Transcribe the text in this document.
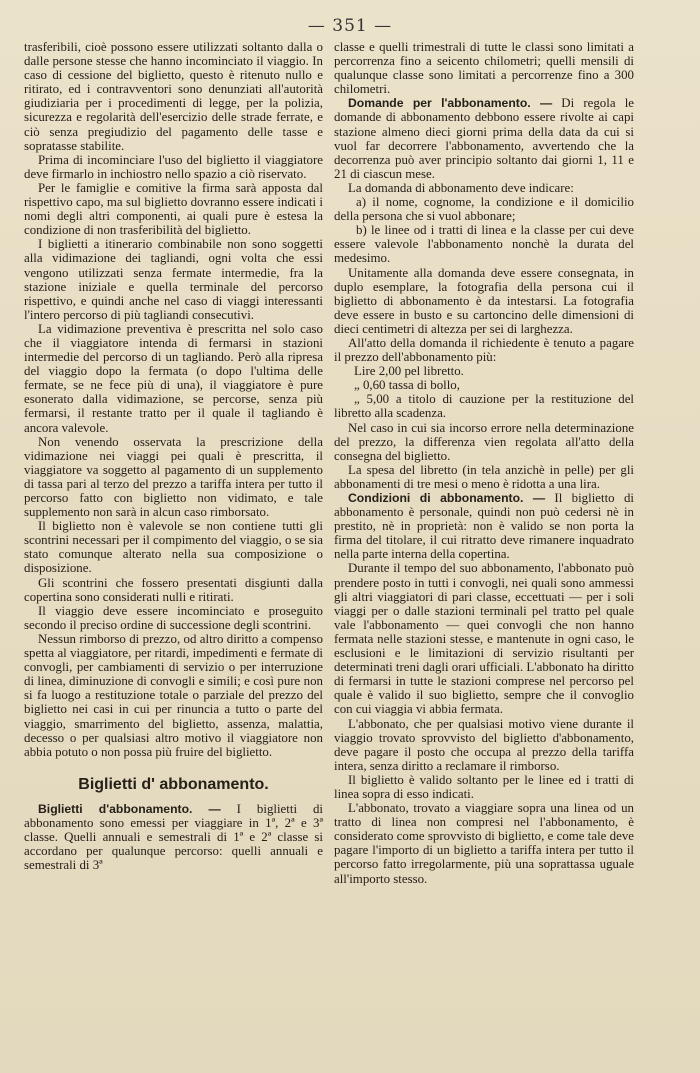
— 351 —

trasferibili, cioè possono essere utilizzati soltanto dalla o dalle persone stesse che hanno incominciato il viaggio. In caso di cessione del biglietto, questo è ritenuto nullo e ritirato, ed i contravventori sono denunziati all'autorità giudiziaria per i procedimenti di legge, per la polizia, sicurezza e regolarità dell'esercizio delle strade ferrate, e ciò senza pregiudizio del pagamento delle tasse e sopratasse stabilite.

Prima di incominciare l'uso del biglietto il viaggiatore deve firmarlo in inchiostro nello spazio a ciò riservato.

Per le famiglie e comitive la firma sarà apposta dal rispettivo capo, ma sul biglietto dovranno essere indicati i nomi degli altri componenti, ai quali pure è estesa la condizione di non trasferibilità del biglietto.

I biglietti a itinerario combinabile non sono soggetti alla vidimazione dei tagliandi, ogni volta che essi vengono utilizzati senza fermate intermedie, fra la stazione iniziale e quella terminale del percorso rispettivo, e quindi anche nel caso di viaggi interessanti l'intero percorso di più tagliandi consecutivi.

La vidimazione preventiva è prescritta nel solo caso che il viaggiatore intenda di fermarsi in stazioni intermedie del percorso di un tagliando. Però alla ripresa del viaggio dopo la fermata (o dopo l'ultima delle fermate, se ne fece più di una), il viaggiatore è pure esonerato dalla vidimazione, se percorse, senza più fermarsi, il restante tratto per il quale il tagliando è ancora valevole.

Non venendo osservata la prescrizione della vidimazione nei viaggi pei quali è prescritta, il viaggiatore va soggetto al pagamento di un supplemento di tassa pari al terzo del prezzo a tariffa intera per tutto il percorso fatto con biglietto non vidimato, e tale supplemento non sarà in alcun caso rimborsato.

Il biglietto non è valevole se non contiene tutti gli scontrini necessari per il compimento del viaggio, o se sia stato comunque alterato nella sua composizione o disposizione.

Gli scontrini che fossero presentati disgiunti dalla copertina sono considerati nulli e ritirati.

Il viaggio deve essere incominciato e proseguito secondo il preciso ordine di successione degli scontrini.

Nessun rimborso di prezzo, od altro diritto a compenso spetta al viaggiatore, per ritardi, impedimenti e fermate di convogli, per cambiamenti di servizio o per interruzione di linea, diminuzione di convogli e simili; e così pure non si fa luogo a restituzione totale o parziale del prezzo del biglietto nei casi in cui per rinuncia a tutto o parte del viaggio, smarrimento del biglietto, assenza, malattia, decesso o per qualsiasi altro motivo il viaggiatore non abbia potuto o non possa più fruire del biglietto.

Biglietti d' abbonamento.

Biglietti d'abbonamento. — I biglietti di abbonamento sono emessi per viaggiare in 1ª, 2ª e 3ª classe. Quelli annuali e semestrali di 1ª e 2ª classe si accordano per qualunque percorso: quelli annuali e semestrali di 3ª

classe e quelli trimestrali di tutte le classi sono limitati a percorrenza fino a seicento chilometri; quelli mensili di qualunque classe sono limitati a percorrenze fino a 300 chilometri.

Domande per l'abbonamento. — Di regola le domande di abbonamento debbono essere rivolte ai capi stazione almeno dieci giorni prima della data da cui si vuol far decorrere l'abbonamento, avvertendo che la decorrenza può aver principio soltanto dai giorni 1, 11 e 21 di ciascun mese.

La domanda di abbonamento deve indicare:

a) il nome, cognome, la condizione e il domicilio della persona che si vuol abbonare;

b) le linee od i tratti di linea e la classe per cui deve essere valevole l'abbonamento nonchè la durata del medesimo.

Unitamente alla domanda deve essere consegnata, in duplo esemplare, la fotografia della persona cui il biglietto di abbonamento è da intestarsi. La fotografia deve essere in busto e su cartoncino delle dimensioni di dieci centimetri di altezza per sei di larghezza.

All'atto della domanda il richiedente è tenuto a pagare il prezzo dell'abbonamento più:

Lire 2,00 pel libretto.

„ 0,60 tassa di bollo,

„ 5,00 a titolo di cauzione per la restituzione del libretto alla scadenza.

Nel caso in cui sia incorso errore nella determinazione del prezzo, la differenza vien regolata all'atto della consegna del biglietto.

La spesa del libretto (in tela anzichè in pelle) per gli abbonamenti di tre mesi o meno è ridotta a una lira.

Condizioni di abbonamento. — Il biglietto di abbonamento è personale, quindi non può cedersi nè in prestito, nè in proprietà: non è valido se non porta la firma del titolare, il cui ritratto deve rimanere inquadrato nella parte interna della copertina.

Durante il tempo del suo abbonamento, l'abbonato può prendere posto in tutti i convogli, nei quali sono ammessi gli altri viaggiatori di pari classe, eccettuati — per i soli viaggi per o dalle stazioni terminali pel tratto pel quale vale l'abbonamento — quei convogli che non hanno fermata nelle stazioni stesse, e mantenute in ogni caso, le esclusioni e le limitazioni di servizio risultanti per determinati treni dagli orari ufficiali. L'abbonato ha diritto di fermarsi in tutte le stazioni comprese nel percorso pel quale è valido il suo biglietto, sempre che il convoglio con cui viaggia vi abbia fermata.

L'abbonato, che per qualsiasi motivo viene durante il viaggio trovato sprovvisto del biglietto d'abbonamento, deve pagare il posto che occupa al prezzo della tariffa intera, senza diritto a reclamare il rimborso.

Il biglietto è valido soltanto per le linee ed i tratti di linea sopra di esso indicati.

L'abbonato, trovato a viaggiare sopra una linea od un tratto di linea non compresi nel l'abbonamento, è considerato come sprovvisto di biglietto, e come tale deve pagare l'importo di un biglietto a tariffa intera per tutto il percorso fatto irregolarmente, più una soprattassa uguale all'importo stesso.
